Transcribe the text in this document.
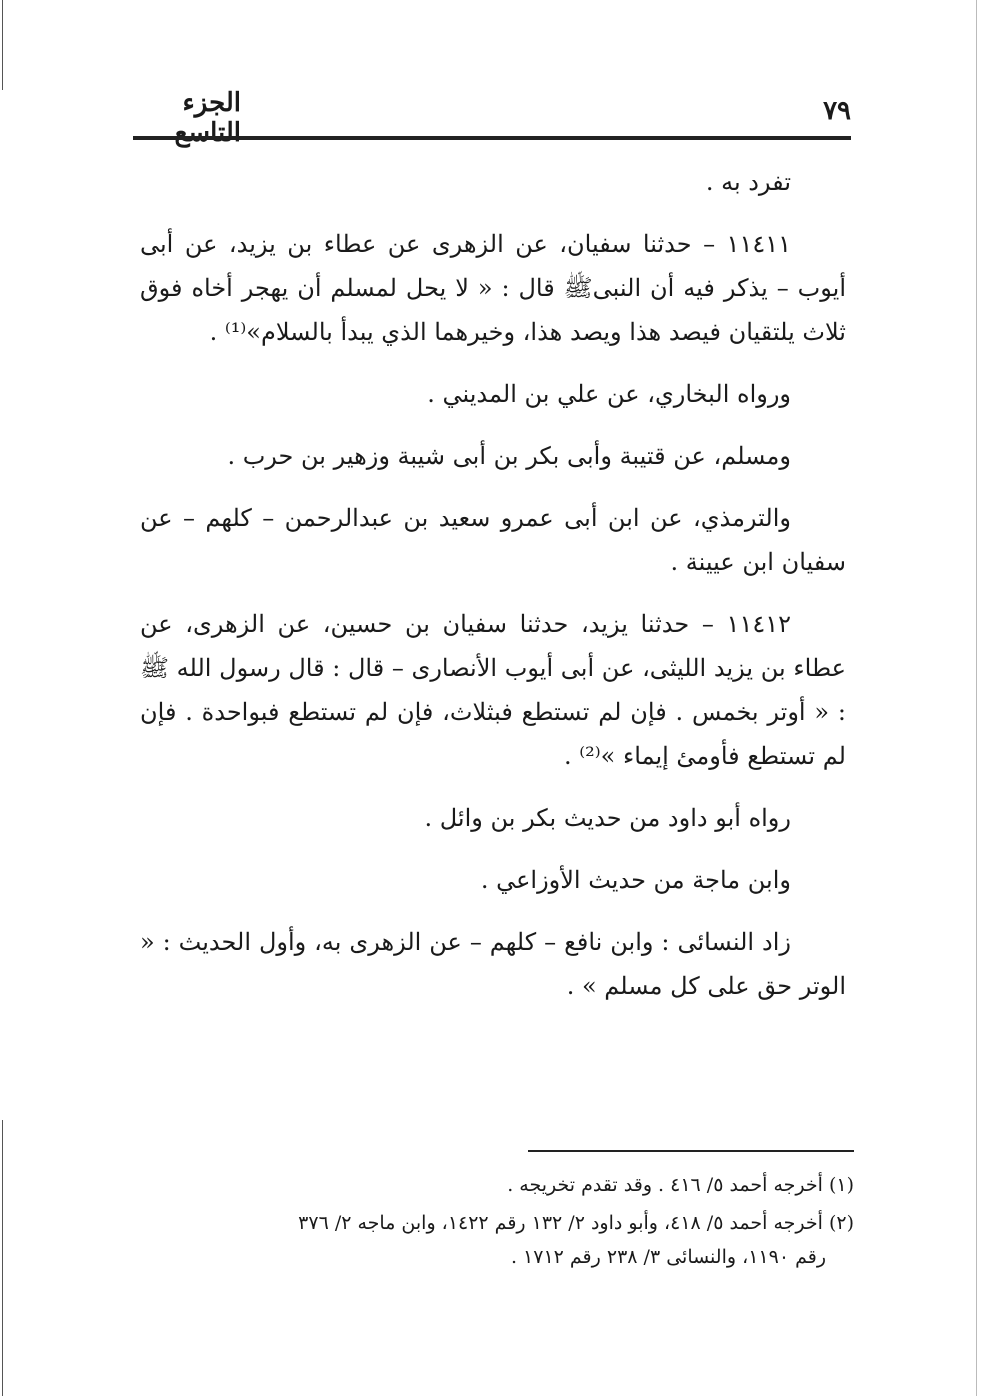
الجزء التاسع
٧٩

تفرد به .

١١٤١١ – حدثنا سفيان، عن الزهرى عن عطاء بن يزيد، عن أبى أيوب – يذكر فيه أن النبىﷺ قال : « لا يحل لمسلم أن يهجر أخاه فوق ثلاث يلتقيان فيصد هذا ويصد هذا، وخيرهما الذي يبدأ بالسلام»⁽¹⁾ .

ورواه البخاري، عن علي بن المديني .

ومسلم، عن قتيبة وأبى بكر بن أبى شيبة وزهير بن حرب .

والترمذي، عن ابن أبى عمرو سعيد بن عبدالرحمن – كلهم – عن سفيان ابن عيينة .

١١٤١٢ – حدثنا يزيد، حدثنا سفيان بن حسين، عن الزهرى، عن عطاء بن يزيد الليثى، عن أبى أيوب الأنصارى – قال : قال رسول الله ﷺ : « أوتر بخمس . فإن لم تستطع فبثلاث، فإن لم تستطع فبواحدة . فإن لم تستطع فأومئ إيماء »⁽²⁾ .

رواه أبو داود من حديث بكر بن وائل .

وابن ماجة من حديث الأوزاعي .

زاد النسائى : وابن نافع – كلهم – عن الزهرى به، وأول الحديث : « الوتر حق على كل مسلم » .

(١) أخرجه أحمد ٥/ ٤١٦ . وقد تقدم تخريجه .

(٢) أخرجه أحمد ٥/ ٤١٨، وأبو داود ٢/ ١٣٢ رقم ١٤٢٢، وابن ماجه ٢/ ٣٧٦
رقم ١١٩٠، والنسائى ٣/ ٢٣٨ رقم ١٧١٢ .
